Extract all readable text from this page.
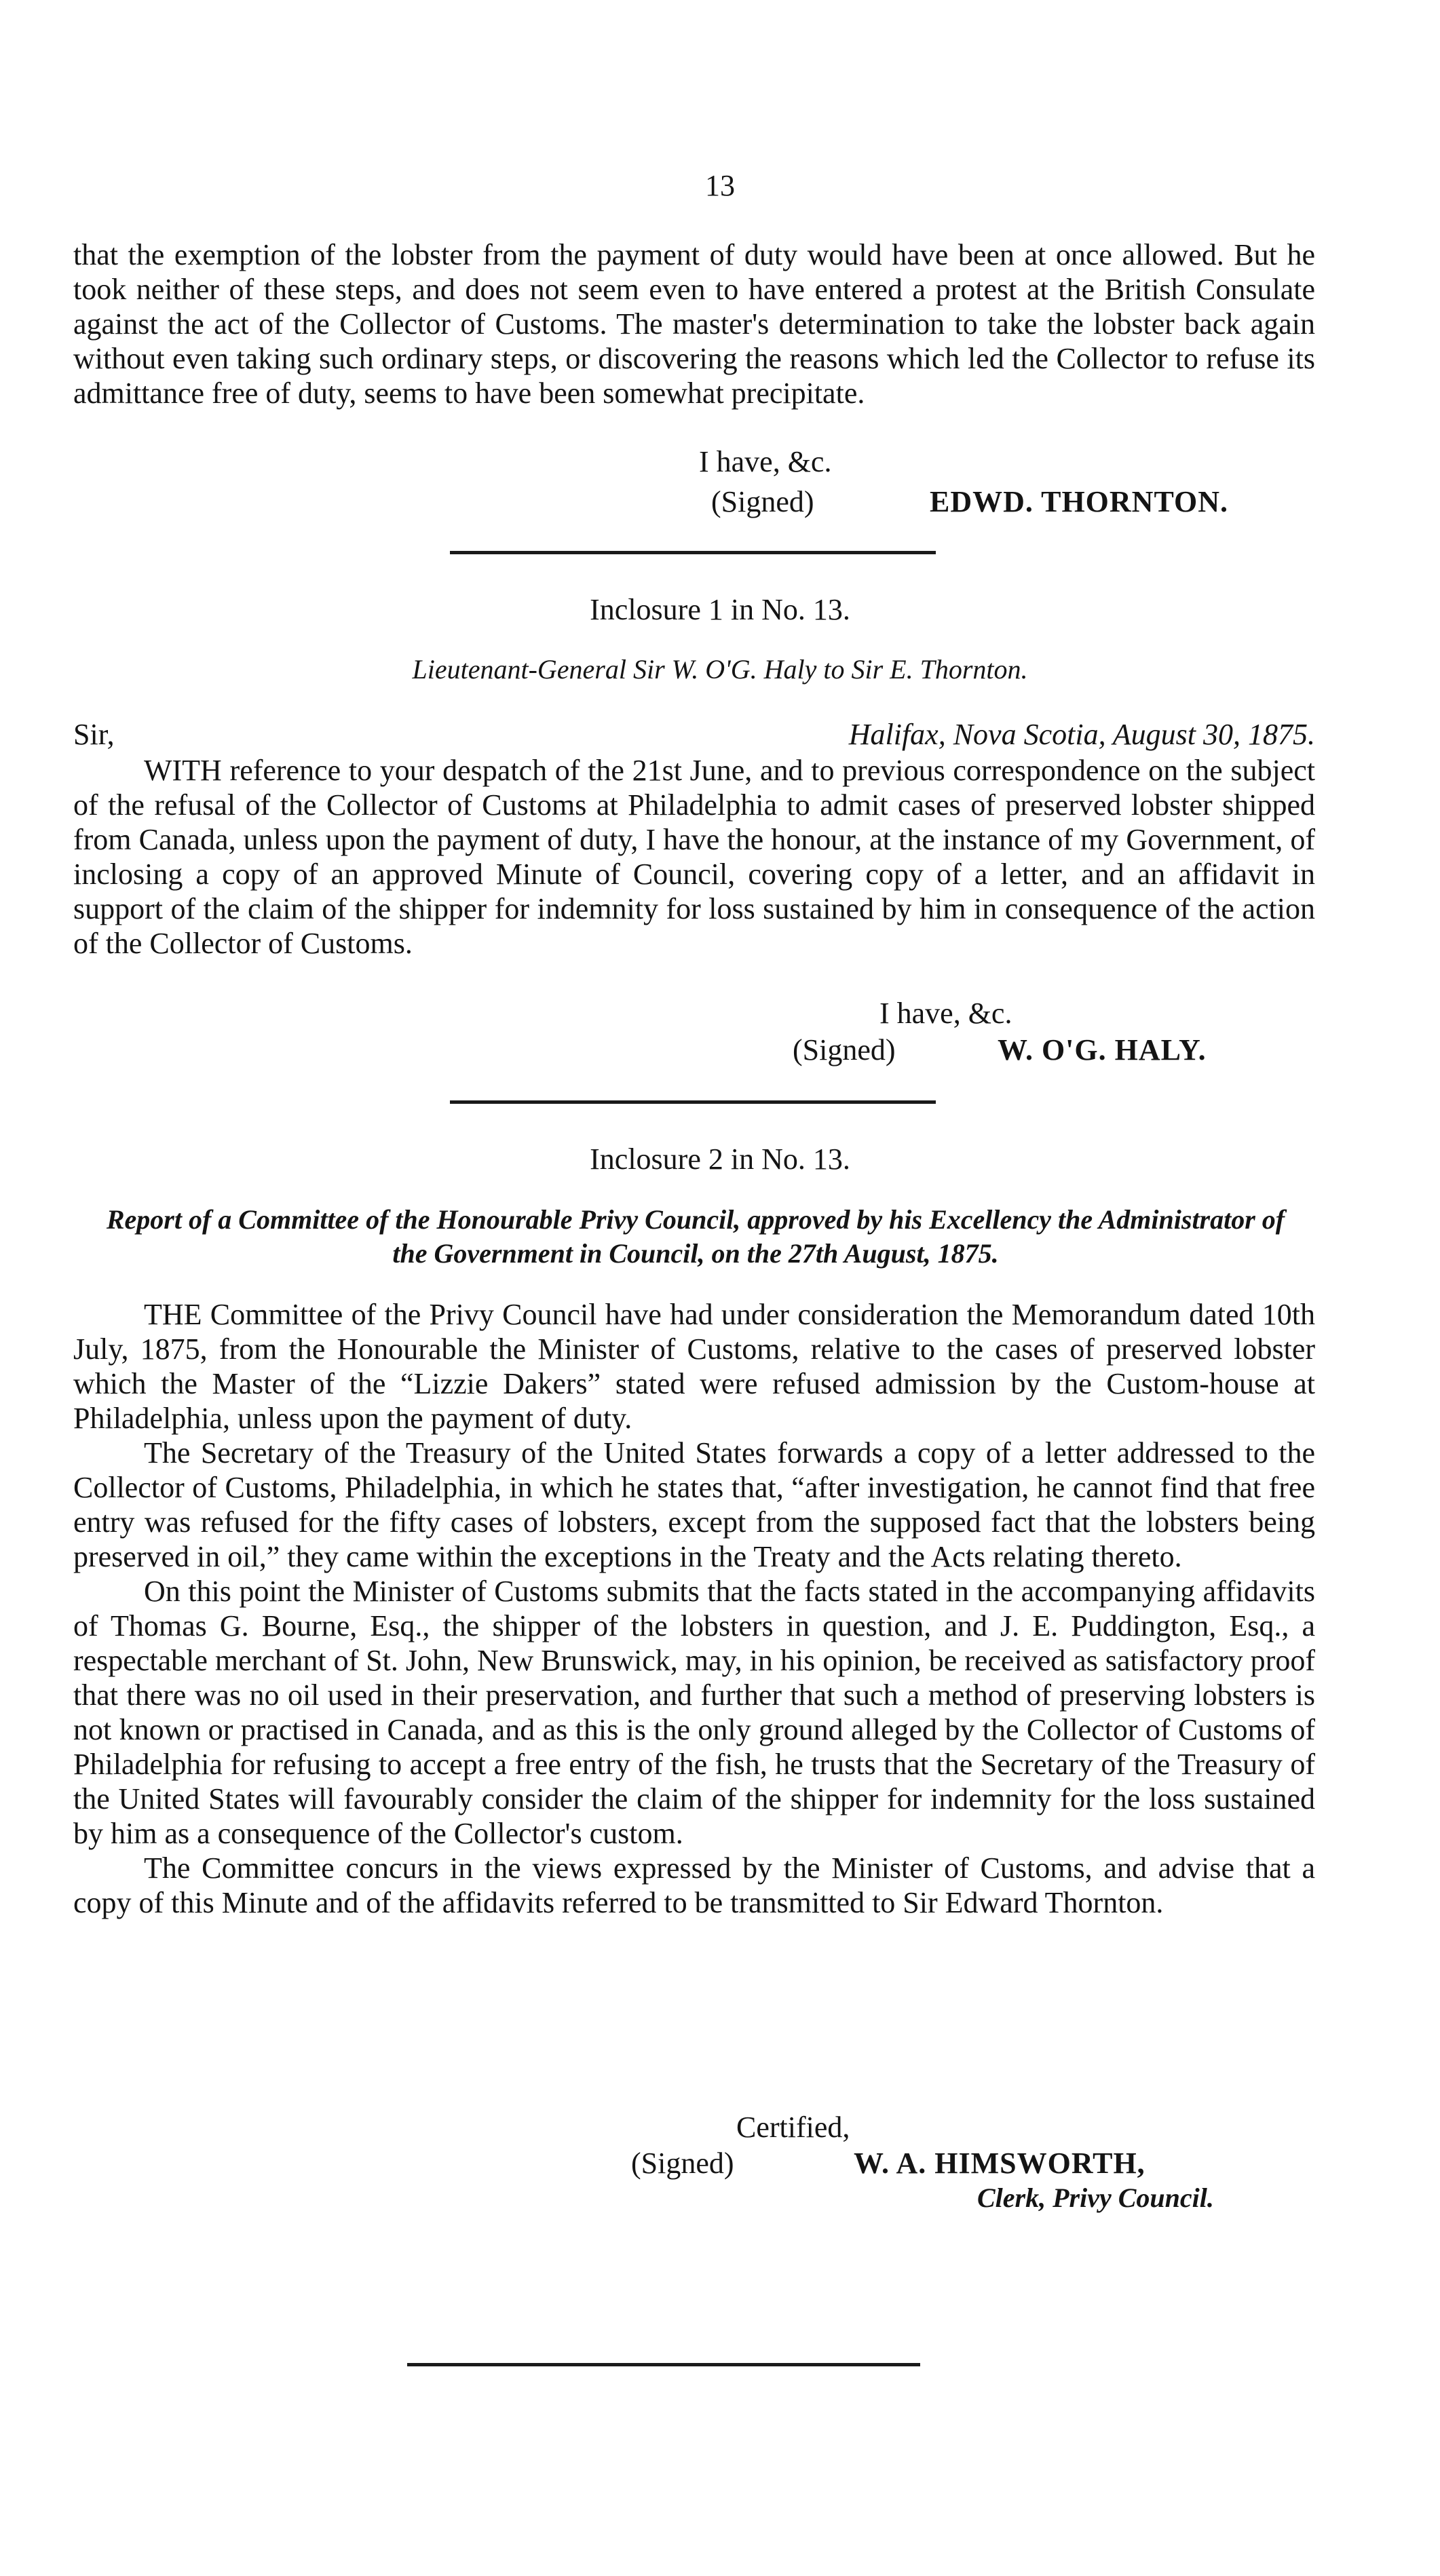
13

that the exemption of the lobster from the payment of duty would have been at once allowed. But he took neither of these steps, and does not seem even to have entered a protest at the British Consulate against the act of the Collector of Customs. The master's determination to take the lobster back again without even taking such ordinary steps, or discovering the reasons which led the Collector to refuse its admittance free of duty, seems to have been somewhat precipitate.

I have, &c.
(Signed)	EDWD. THORNTON.
Inclosure 1 in No. 13.
Lieutenant-General Sir W. O'G. Haly to Sir E. Thornton.
Sir,	Halifax, Nova Scotia, August 30, 1875.

WITH reference to your despatch of the 21st June, and to previous correspondence on the subject of the refusal of the Collector of Customs at Philadelphia to admit cases of preserved lobster shipped from Canada, unless upon the payment of duty, I have the honour, at the instance of my Government, of inclosing a copy of an approved Minute of Council, covering copy of a letter, and an affidavit in support of the claim of the shipper for indemnity for loss sustained by him in consequence of the action of the Collector of Customs.

I have, &c.
(Signed)	W. O'G. HALY.
Inclosure 2 in No. 13.
Report of a Committee of the Honourable Privy Council, approved by his Excellency the Administrator of the Government in Council, on the 27th August, 1875.

THE Committee of the Privy Council have had under consideration the Memorandum dated 10th July, 1875, from the Honourable the Minister of Customs, relative to the cases of preserved lobster which the Master of the “Lizzie Dakers” stated were refused admission by the Custom-house at Philadelphia, unless upon the payment of duty.

The Secretary of the Treasury of the United States forwards a copy of a letter addressed to the Collector of Customs, Philadelphia, in which he states that, “after investigation, he cannot find that free entry was refused for the fifty cases of lobsters, except from the supposed fact that the lobsters being preserved in oil,” they came within the exceptions in the Treaty and the Acts relating thereto.

On this point the Minister of Customs submits that the facts stated in the accompanying affidavits of Thomas G. Bourne, Esq., the shipper of the lobsters in question, and J. E. Puddington, Esq., a respectable merchant of St. John, New Brunswick, may, in his opinion, be received as satisfactory proof that there was no oil used in their preservation, and further that such a method of preserving lobsters is not known or practised in Canada, and as this is the only ground alleged by the Collector of Customs of Philadelphia for refusing to accept a free entry of the fish, he trusts that the Secretary of the Treasury of the United States will favourably consider the claim of the shipper for indemnity for the loss sustained by him as a consequence of the Collector's custom.

The Committee concurs in the views expressed by the Minister of Customs, and advise that a copy of this Minute and of the affidavits referred to be transmitted to Sir Edward Thornton.

Certified,
(Signed)	W. A. HIMSWORTH,
Clerk, Privy Council.
